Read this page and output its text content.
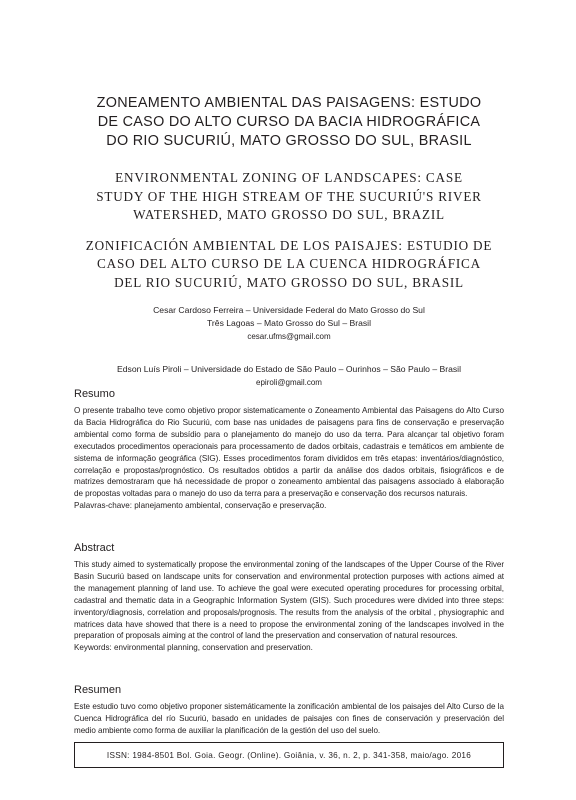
ZONEAMENTO AMBIENTAL DAS PAISAGENS: ESTUDO
DE CASO DO ALTO CURSO DA BACIA HIDROGRÁFICA
DO RIO SUCURIÚ, MATO GROSSO DO SUL, BRASIL
ENVIRONMENTAL ZONING OF LANDSCAPES: CASE
STUDY OF THE HIGH STREAM OF THE SUCURIÚ'S RIVER
WATERSHED, MATO GROSSO DO SUL, BRAZIL
ZONIFICACIÓN AMBIENTAL DE LOS PAISAJES: ESTUDIO DE
CASO DEL ALTO CURSO DE LA CUENCA HIDROGRÁFICA
DEL RIO SUCURIÚ, MATO GROSSO DO SUL, BRASIL
Cesar Cardoso Ferreira – Universidade Federal do Mato Grosso do Sul
Três Lagoas – Mato Grosso do Sul – Brasil
cesar.ufms@gmail.com
Edson Luís Piroli – Universidade do Estado de São Paulo – Ourinhos – São Paulo – Brasil
epiroli@gmail.com
Resumo

O presente trabalho teve como objetivo propor sistematicamente o Zoneamento Ambiental das Paisagens do Alto Curso da Bacia Hidrográfica do Rio Sucuriú, com base nas unidades de paisagens para fins de conservação e preservação ambiental como forma de subsídio para o planejamento do manejo do uso da terra. Para alcançar tal objetivo foram executados procedimentos operacionais para processamento de dados orbitais, cadastrais e temáticos em ambiente de sistema de informação geográfica (SIG). Esses procedimentos foram divididos em três etapas: inventários/diagnóstico, correlação e propostas/prognóstico. Os resultados obtidos a partir da análise dos dados orbitais, fisiográficos e de matrizes demostraram que há necessidade de propor o zoneamento ambiental das paisagens associado à elaboração de propostas voltadas para o manejo do uso da terra para a preservação e conservação dos recursos naturais.

Palavras-chave: planejamento ambiental, conservação e preservação.

Abstract

This study aimed to systematically propose the environmental zoning of the landscapes of the Upper Course of the River Basin Sucuriú based on landscape units for conservation and environmental protection purposes with actions aimed at the management planning of land use. To achieve the goal were executed operating procedures for processing orbital, cadastral and thematic data in a Geographic Information System (GIS). Such procedures were divided into three steps: inventory/diagnosis, correlation and proposals/prognosis. The results from the analysis of the orbital , physiographic and matrices data have showed that there is a need to propose the environmental zoning of the landscapes involved in the preparation of proposals aiming at the control of land the preservation and conservation of natural resources.

Keywords: environmental planning, conservation and preservation.

Resumen

Este estudio tuvo como objetivo proponer sistemáticamente la zonificación ambiental de los paisajes del Alto Curso de la Cuenca Hidrográfica del río Sucuriú, basado en unidades de paisajes con fines de conservación y preservación del medio ambiente como forma de auxiliar la planificación de la gestión del uso del suelo.

ISSN: 1984-8501 Bol. Goia. Geogr. (Online). Goiânia, v. 36, n. 2, p. 341-358, maio/ago. 2016
